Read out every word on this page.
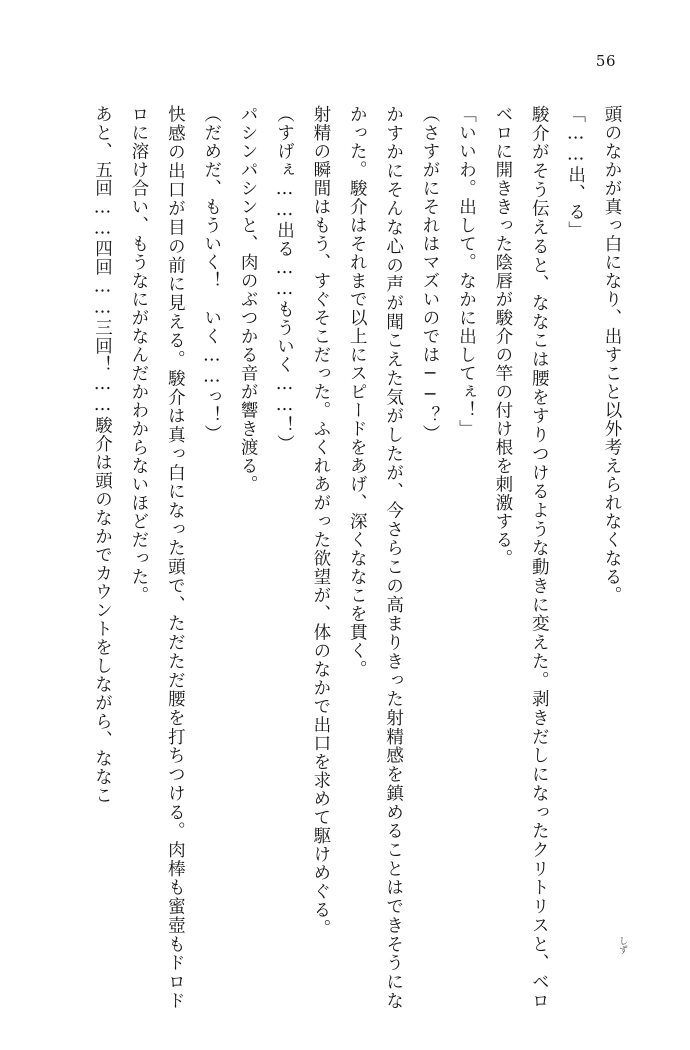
56

頭のなかが真っ白になり、出すこと以外考えられなくなる。

「……出、る」

駿介がそう伝えると、ななこは腰をすりつけるような動きに変えた。剥きだしになったクリトリスと、ベロベロに開ききった陰唇が駿介の竿の付け根を刺激する。

「いいわ。出して。なかに出してぇ！」

（さすがにそれはマズいのでは──？）

かすかにそんな心の声が聞こえた気がしたが、今さらこの高まりきった射精感を鎮めることはできそうになかった。駿介はそれまで以上にスピードをあげ、深くななこを貫く。

射精の瞬間はもう、すぐそこだった。ふくれあがった欲望が、体のなかで出口を求めて駆けめぐる。

（すげぇ……出る……もういく……！）

パシンパシンと、肉のぶつかる音が響き渡る。

（だめだ、もういく！　いく……っ！）

快感の出口が目の前に見える。駿介は真っ白になった頭で、ただただ腰を打ちつける。肉棒も蜜壺もドロドロに溶け合い、もうなにがなんだかわからないほどだった。

あと、五回……四回……三回！……駿介は頭のなかでカウントをしながら、ななこ

しず
